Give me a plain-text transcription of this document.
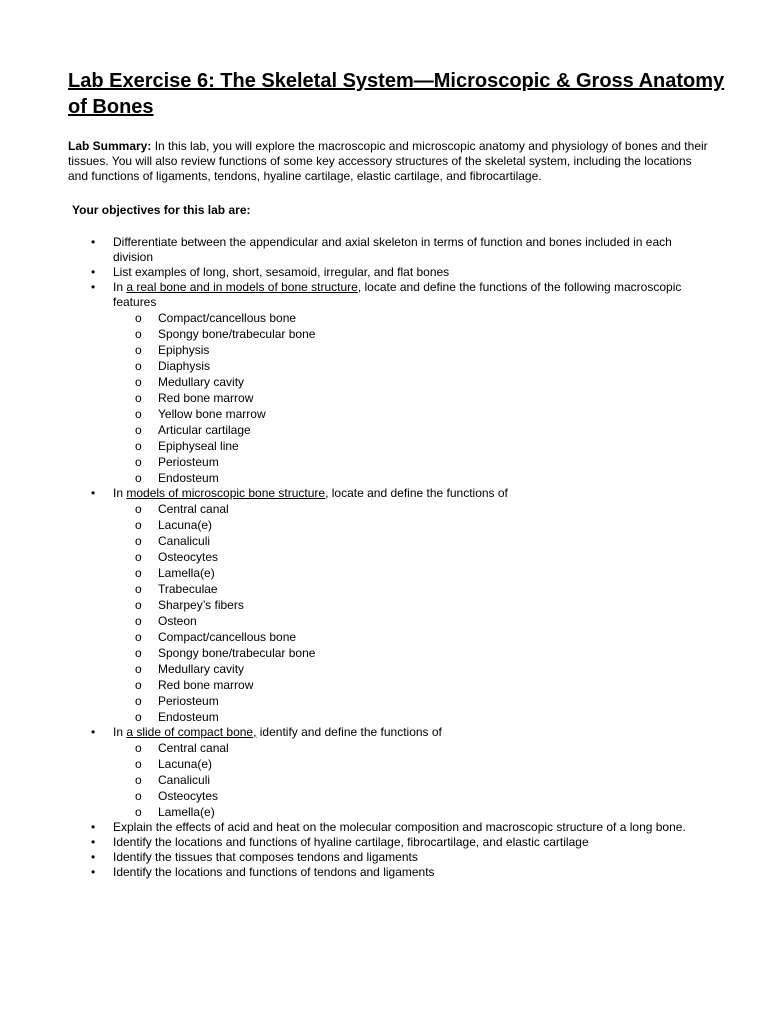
Lab Exercise 6: The Skeletal System—Microscopic & Gross Anatomy of Bones

Lab Summary: In this lab, you will explore the macroscopic and microscopic anatomy and physiology of bones and their tissues. You will also review functions of some key accessory structures of the skeletal system, including the locations and functions of ligaments, tendons, hyaline cartilage, elastic cartilage, and fibrocartilage.

Your objectives for this lab are:

• Differentiate between the appendicular and axial skeleton in terms of function and bones included in each division
• List examples of long, short, sesamoid, irregular, and flat bones
• In a real bone and in models of bone structure, locate and define the functions of the following macroscopic features
o Compact/cancellous bone
o Spongy bone/trabecular bone
o Epiphysis
o Diaphysis
o Medullary cavity
o Red bone marrow
o Yellow bone marrow
o Articular cartilage
o Epiphyseal line
o Periosteum
o Endosteum
• In models of microscopic bone structure, locate and define the functions of
o Central canal
o Lacuna(e)
o Canaliculi
o Osteocytes
o Lamella(e)
o Trabeculae
o Sharpey’s fibers
o Osteon
o Compact/cancellous bone
o Spongy bone/trabecular bone
o Medullary cavity
o Red bone marrow
o Periosteum
o Endosteum
• In a slide of compact bone, identify and define the functions of
o Central canal
o Lacuna(e)
o Canaliculi
o Osteocytes
o Lamella(e)
• Explain the effects of acid and heat on the molecular composition and macroscopic structure of a long bone.
• Identify the locations and functions of hyaline cartilage, fibrocartilage, and elastic cartilage
• Identify the tissues that composes tendons and ligaments
• Identify the locations and functions of tendons and ligaments
